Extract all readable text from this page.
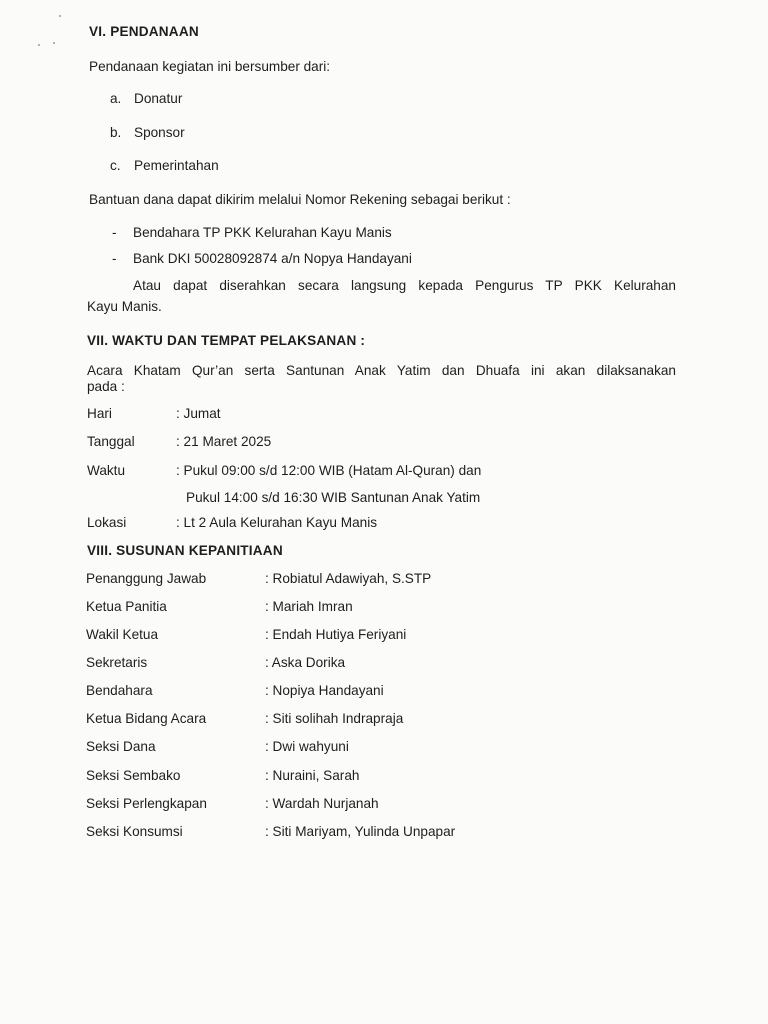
VI. PENDANAAN
Pendanaan kegiatan ini bersumber dari:
a. Donatur
b. Sponsor
c. Pemerintahan
Bantuan dana dapat dikirim melalui Nomor Rekening sebagai berikut :
- Bendahara TP PKK Kelurahan Kayu Manis
- Bank DKI 50028092874 a/n Nopya Handayani
Atau dapat diserahkan secara langsung kepada Pengurus TP PKK Kelurahan
Kayu Manis.
VII. WAKTU DAN TEMPAT PELAKSANAN :
Acara Khatam Qur’an serta Santunan Anak Yatim dan Dhuafa ini akan dilaksanakan
pada :
Hari	: Jumat
Tanggal	: 21 Maret 2025
Waktu	: Pukul 09:00 s/d 12:00 WIB (Hatam Al-Quran) dan
Pukul 14:00 s/d 16:30 WIB Santunan Anak Yatim
Lokasi	: Lt 2 Aula Kelurahan Kayu Manis
VIII. SUSUNAN KEPANITIAAN
Penanggung Jawab	: Robiatul Adawiyah, S.STP
Ketua Panitia	: Mariah Imran
Wakil Ketua	: Endah Hutiya Feriyani
Sekretaris	: Aska Dorika
Bendahara	: Nopiya Handayani
Ketua Bidang Acara	: Siti solihah Indrapraja
Seksi Dana	: Dwi wahyuni
Seksi Sembako	: Nuraini, Sarah
Seksi Perlengkapan	: Wardah Nurjanah
Seksi Konsumsi	: Siti Mariyam, Yulinda Unpapar
